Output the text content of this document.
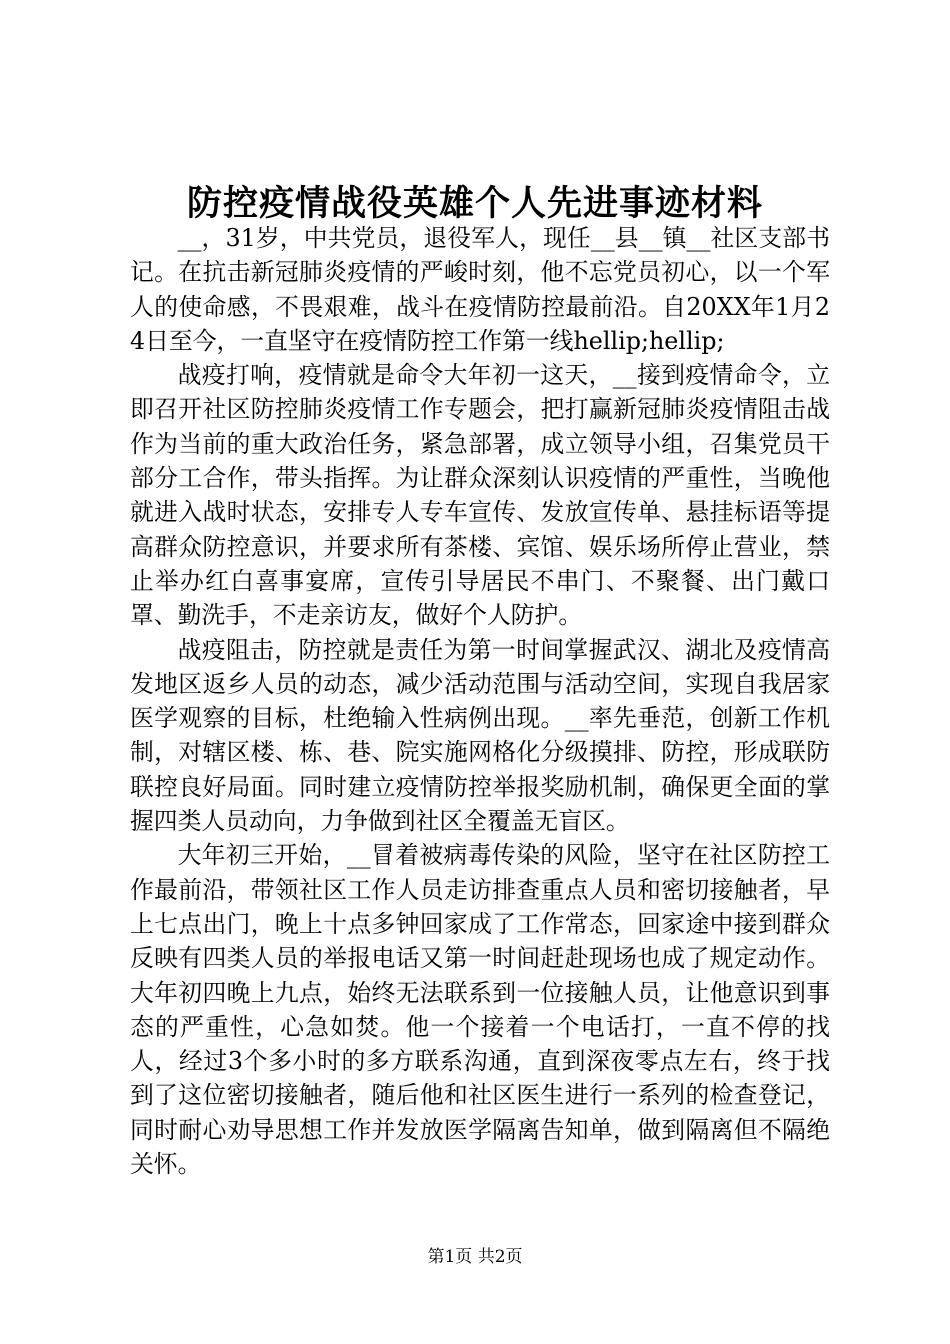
防控疫情战役英雄个人先进事迹材料

__，31岁，中共党员，退役军人，现任__县__镇__社区支部书记。在抗击新冠肺炎疫情的严峻时刻，他不忘党员初心，以一个军人的使命感，不畏艰难，战斗在疫情防控最前沿。自20XX年1月24日至今，一直坚守在疫情防控工作第一线hellip;hellip;

战疫打响，疫情就是命令大年初一这天，__接到疫情命令，立即召开社区防控肺炎疫情工作专题会，把打赢新冠肺炎疫情阻击战作为当前的重大政治任务，紧急部署，成立领导小组，召集党员干部分工合作，带头指挥。为让群众深刻认识疫情的严重性，当晚他就进入战时状态，安排专人专车宣传、发放宣传单、悬挂标语等提高群众防控意识，并要求所有茶楼、宾馆、娱乐场所停止营业，禁止举办红白喜事宴席，宣传引导居民不串门、不聚餐、出门戴口罩、勤洗手，不走亲访友，做好个人防护。

战疫阻击，防控就是责任为第一时间掌握武汉、湖北及疫情高发地区返乡人员的动态，减少活动范围与活动空间，实现自我居家医学观察的目标，杜绝输入性病例出现。__率先垂范，创新工作机制，对辖区楼、栋、巷、院实施网格化分级摸排、防控，形成联防联控良好局面。同时建立疫情防控举报奖励机制，确保更全面的掌握四类人员动向，力争做到社区全覆盖无盲区。

大年初三开始，__冒着被病毒传染的风险，坚守在社区防控工作最前沿，带领社区工作人员走访排查重点人员和密切接触者，早上七点出门，晚上十点多钟回家成了工作常态，回家途中接到群众反映有四类人员的举报电话又第一时间赶赴现场也成了规定动作。大年初四晚上九点，始终无法联系到一位接触人员，让他意识到事态的严重性，心急如焚。他一个接着一个电话打，一直不停的找人，经过3个多小时的多方联系沟通，直到深夜零点左右，终于找到了这位密切接触者，随后他和社区医生进行一系列的检查登记，同时耐心劝导思想工作并发放医学隔离告知单，做到隔离但不隔绝关怀。

第1页 共2页
